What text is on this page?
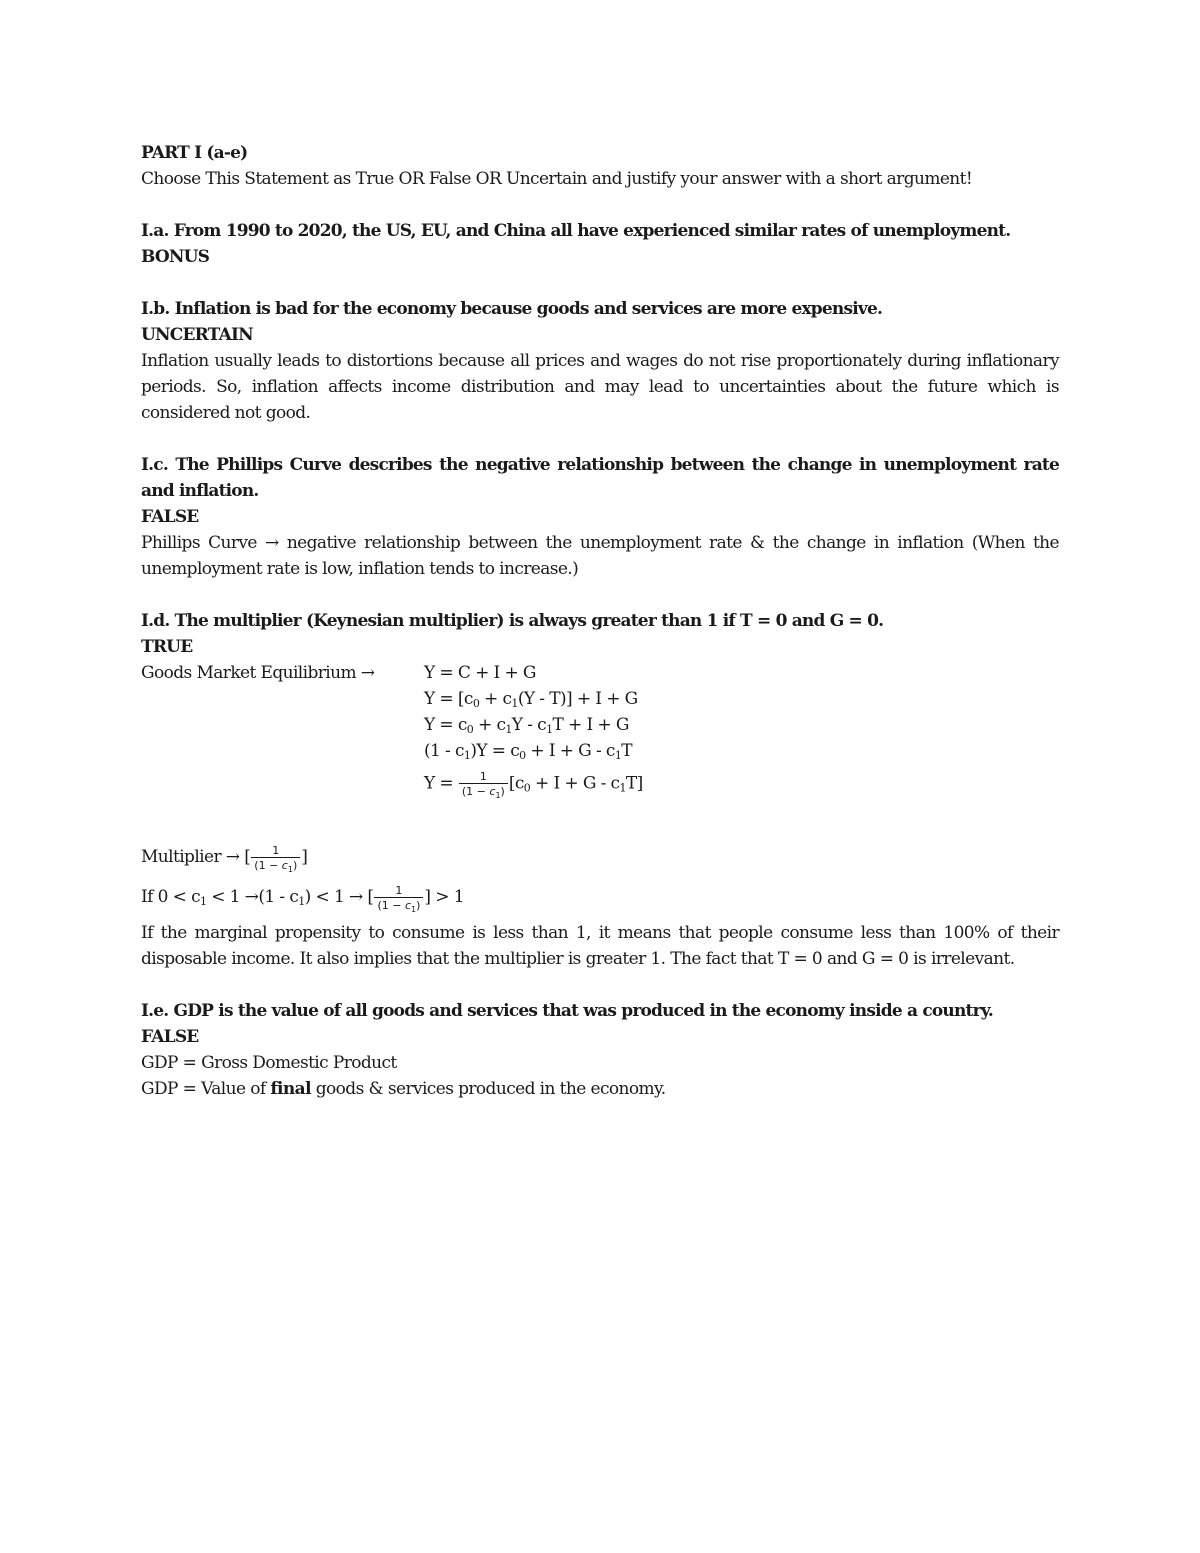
PART I (a-e)

Choose This Statement as True OR False OR Uncertain and justify your answer with a short argument!

I.a. From 1990 to 2020, the US, EU, and China all have experienced similar rates of unemployment.

BONUS

I.b. Inflation is bad for the economy because goods and services are more expensive.

UNCERTAIN

Inflation usually leads to distortions because all prices and wages do not rise proportionately during inflationary periods. So, inflation affects income distribution and may lead to uncertainties about the future which is considered not good.

I.c. The Phillips Curve describes the negative relationship between the change in unemployment rate and inflation.

FALSE

Phillips Curve → negative relationship between the unemployment rate & the change in inflation (When the unemployment rate is low, inflation tends to increase.)

I.d. The multiplier (Keynesian multiplier) is always greater than 1 if T = 0 and G = 0.

TRUE

Goods Market Equilibrium →	Y = C + I + G
$Y = [c_0 + c_1(Y - T)] + I + G$
$Y = c_0 + c_1Y - c_1T + I + G$
$(1 - c_1)Y = c_0 + I + G - c_1T$
$Y = \frac{1}{(1 - c_1)} [c_0 + I + G - c_1T]$

Multiplier → [ $\frac{1}{(1 - c_1)}$ ]

If $0 < c_1 < 1 \to(1 - c_1) < 1$ → [ $\frac{1}{(1 - c_1)}$ ] > 1

If the marginal propensity to consume is less than 1, it means that people consume less than 100% of their disposable income. It also implies that the multiplier is greater 1. The fact that T = 0 and G = 0 is irrelevant.

I.e. GDP is the value of all goods and services that was produced in the economy inside a country.

FALSE

GDP = Gross Domestic Product

GDP = Value of final goods & services produced in the economy.
